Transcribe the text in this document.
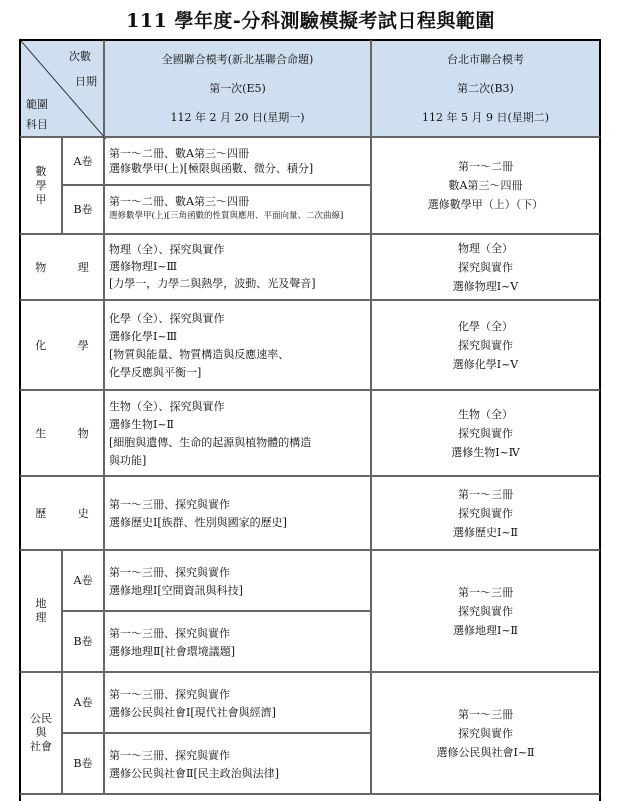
111 學年度-分科測驗模擬考試日程與範圍
次數
日期
範圍
科目
全國聯合模考(新北基聯合命題)
第一次(E5)
112 年 2 月 20 日(星期一)
台北市聯合模考
第二次(B3)
112 年 5 月 9 日(星期二)
數
學
甲
A卷
B卷
第一～二冊、數A第三～四冊
選修數學甲(上)[極限與函數、微分、積分]
第一～二冊、數A第三～四冊
選修數學甲(上)[三角函數的性質與應用、平面向量、二次曲線]
第一～二冊
數A第三～四冊
選修數學甲（上）（下）
物 理
物理（全）、探究與實作
選修物理Ⅰ~Ⅲ
[力學一，力學二與熱學，波動、光及聲音]
物理（全）
探究與實作
選修物理Ⅰ~Ⅴ
化 學
化學（全）、探究與實作
選修化學Ⅰ~Ⅲ
[物質與能量、物質構造與反應速率、
化學反應與平衡一]
化學（全）
探究與實作
選修化學Ⅰ~Ⅴ
生 物
生物（全）、探究與實作
選修生物Ⅰ~Ⅱ
[細胞與遺傳、生命的起源與植物體的構造
與功能]
生物（全）
探究與實作
選修生物Ⅰ~Ⅳ
歷 史
第一～三冊、探究與實作
選修歷史Ⅰ[族群、性別與國家的歷史]
第一～三冊
探究與實作
選修歷史Ⅰ~Ⅱ
地
理
A卷
B卷
第一～三冊、探究與實作
選修地理Ⅰ[空間資訊與科技]
第一～三冊、探究與實作
選修地理Ⅱ[社會環境議題]
第一～三冊
探究與實作
選修地理Ⅰ~Ⅱ
公民
與
社會
A卷
B卷
第一～三冊、探究與實作
選修公民與社會Ⅰ[現代社會與經濟]
第一～三冊、探究與實作
選修公民與社會Ⅱ[民主政治與法律]
第一～三冊
探究與實作
選修公民與社會Ⅰ~Ⅱ
